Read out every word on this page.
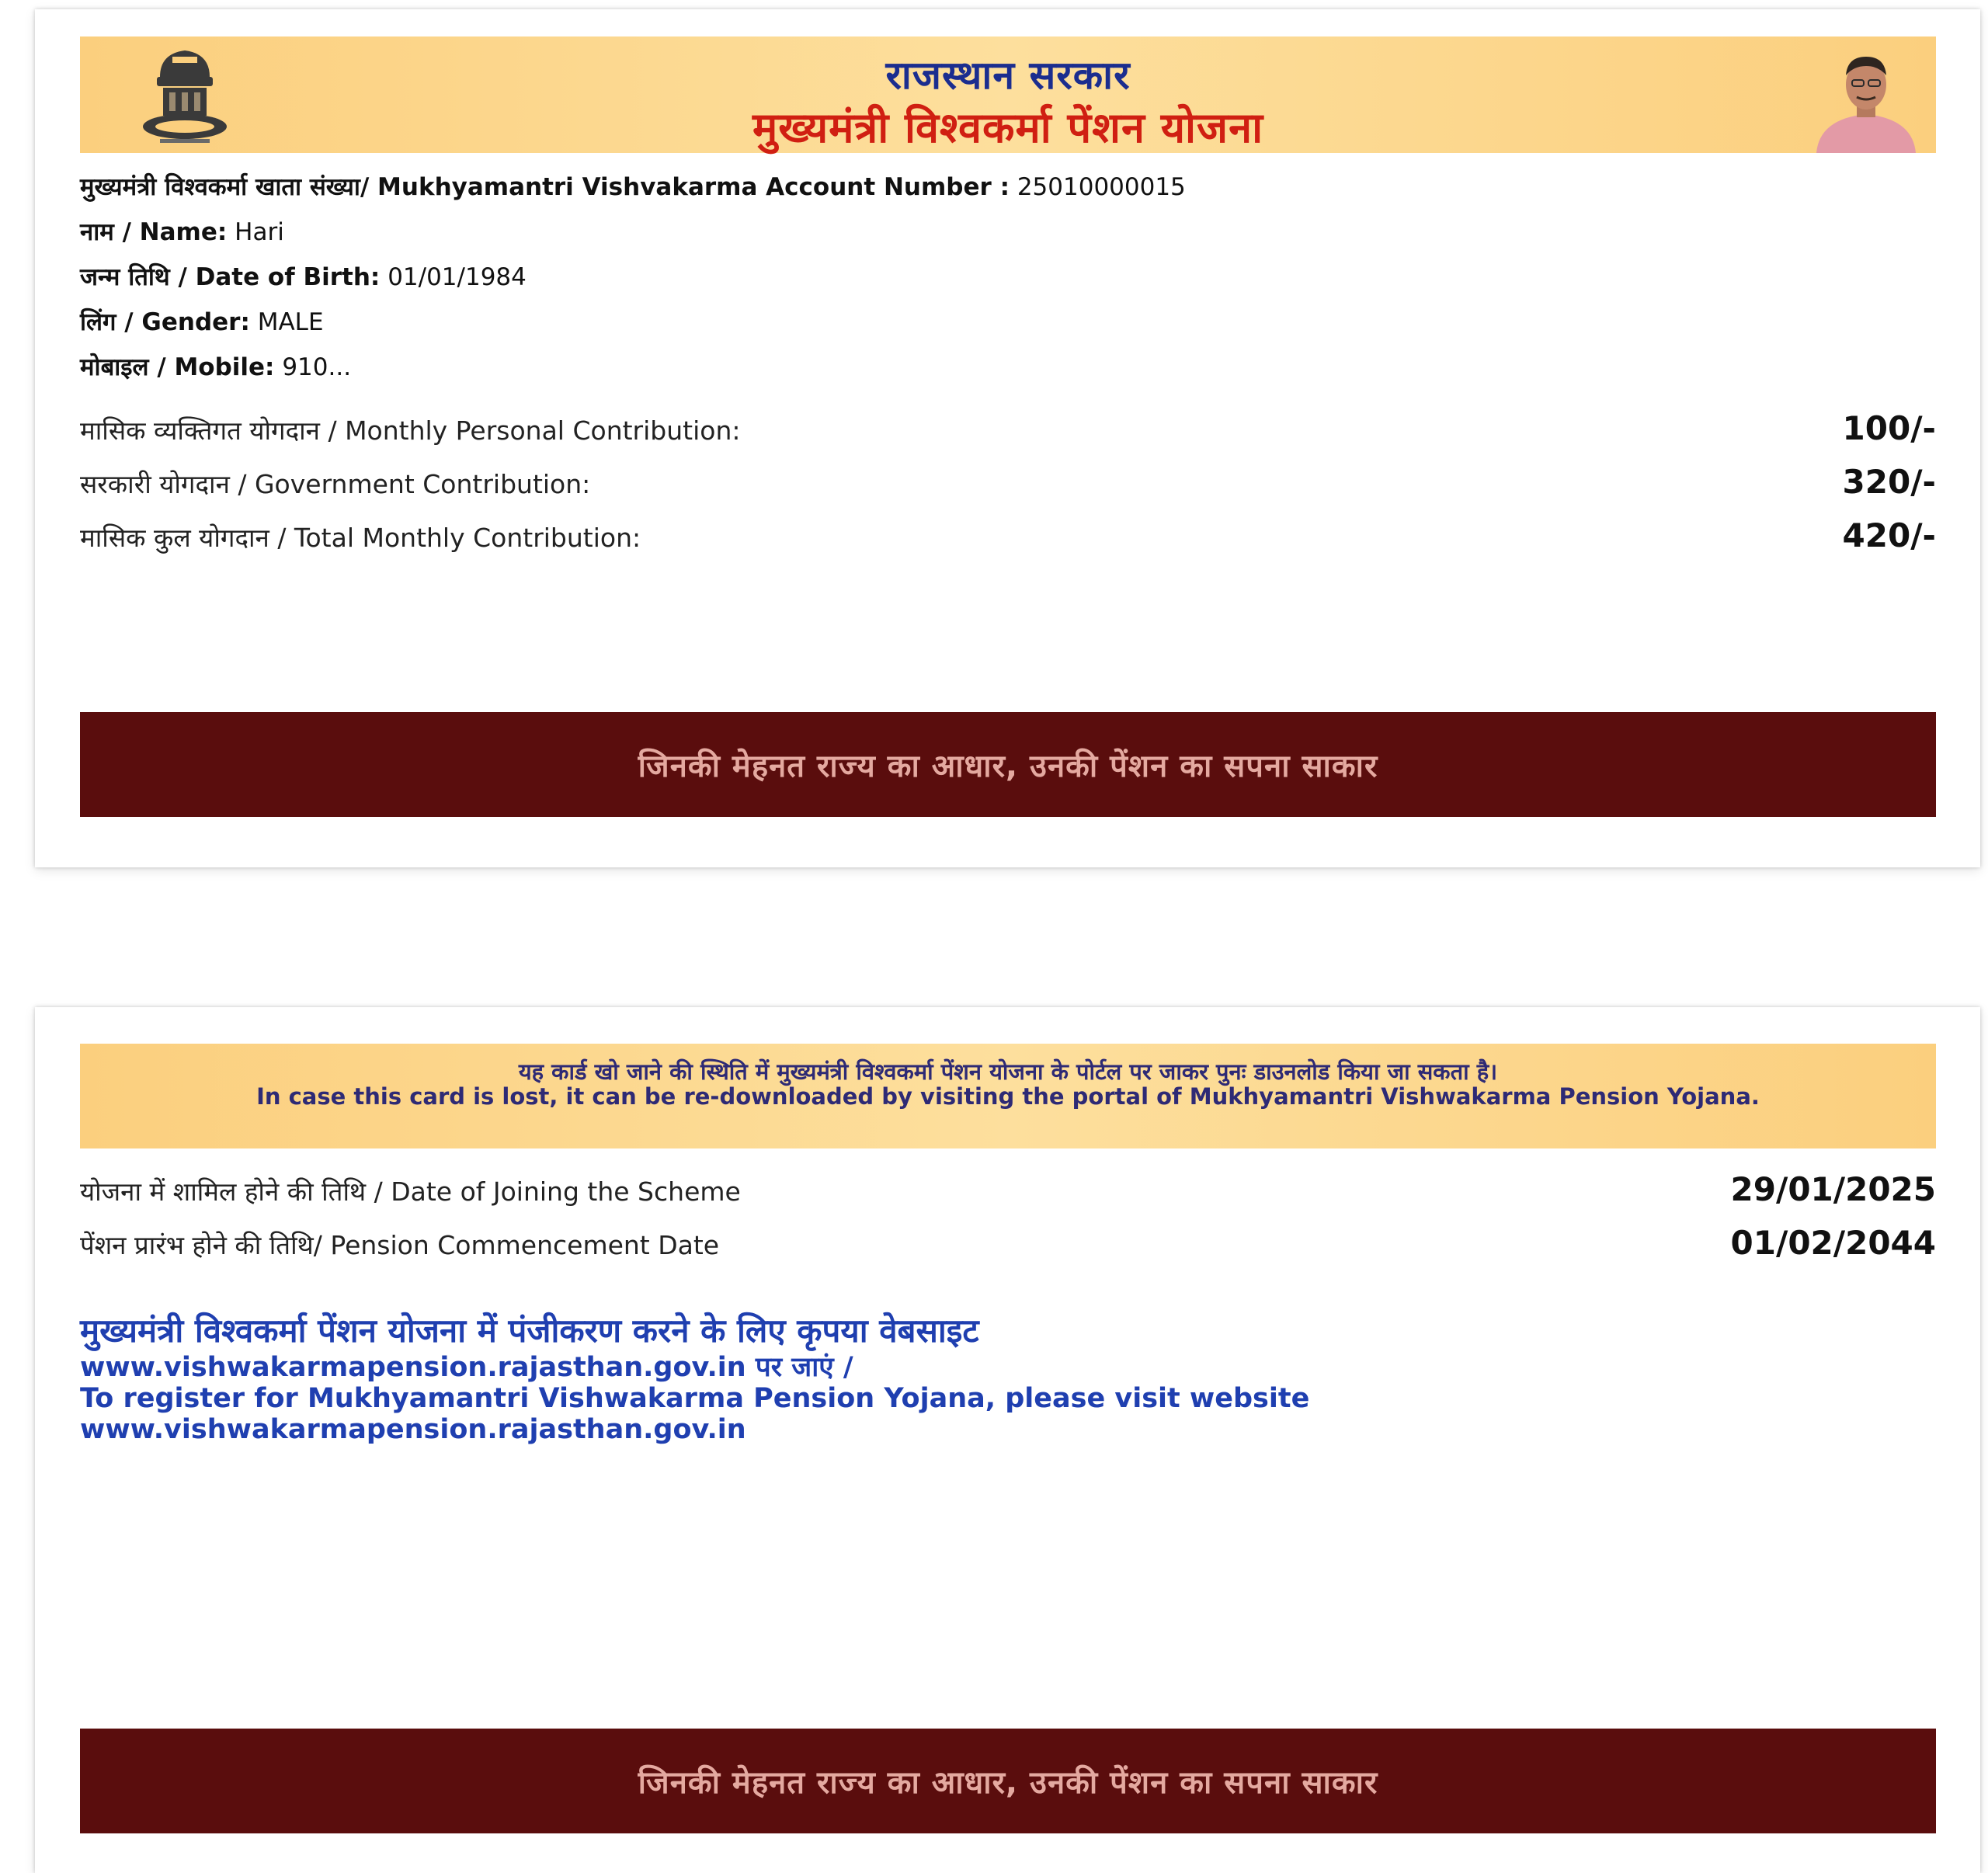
राजस्थान सरकार
मुख्यमंत्री विश्वकर्मा पेंशन योजना
मुख्यमंत्री विश्वकर्मा खाता संख्या/ Mukhyamantri Vishvakarma Account Number : 25010000015
नाम / Name: Hari
जन्म तिथि / Date of Birth: 01/01/1984
लिंग / Gender: MALE
मोबाइल / Mobile: 910...
मासिक व्यक्तिगत योगदान / Monthly Personal Contribution:	100/-
सरकारी योगदान / Government Contribution:	320/-
मासिक कुल योगदान / Total Monthly Contribution:	420/-
जिनकी मेहनत राज्य का आधार, उनकी पेंशन का सपना साकार
यह कार्ड खो जाने की स्थिति में मुख्यमंत्री विश्वकर्मा पेंशन योजना के पोर्टल पर जाकर पुनः डाउनलोड किया जा सकता है।
In case this card is lost, it can be re-downloaded by visiting the portal of Mukhyamantri Vishwakarma Pension Yojana.
योजना में शामिल होने की तिथि / Date of Joining the Scheme	29/01/2025
पेंशन प्रारंभ होने की तिथि/ Pension Commencement Date	01/02/2044
मुख्यमंत्री विश्वकर्मा पेंशन योजना में पंजीकरण करने के लिए कृपया वेबसाइट
www.vishwakarmapension.rajasthan.gov.in पर जाएं /
To register for Mukhyamantri Vishwakarma Pension Yojana, please visit website
www.vishwakarmapension.rajasthan.gov.in
जिनकी मेहनत राज्य का आधार, उनकी पेंशन का सपना साकार
